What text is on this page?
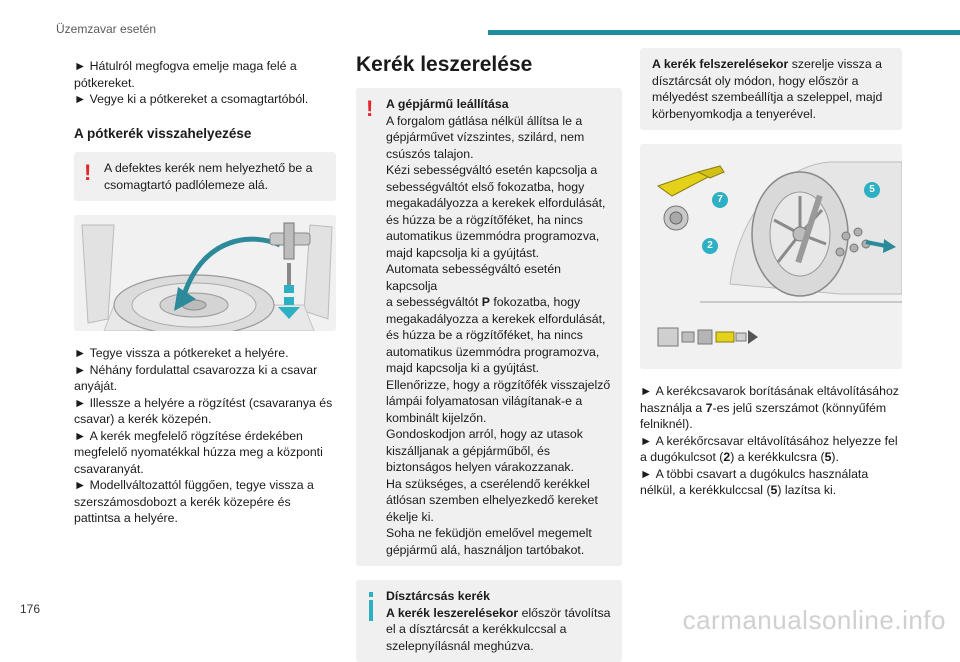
Üzemzavar esetén

► Hátulról megfogva emelje maga felé a pótkereket.

► Vegye ki a pótkereket a csomagtartóból.

A pótkerék visszahelyezése

! A defektes kerék nem helyezhető be a csomagtartó padlólemeze alá.

► Tegye vissza a pótkereket a helyére.

► Néhány fordulattal csavarozza ki a csavar anyáját.

► Illessze a helyére a rögzítést (csavaranya és csavar) a kerék közepén.

► A kerék megfelelő rögzítése érdekében megfelelő nyomatékkal húzza meg a központi csavaranyát.

► Modellváltozattól függően, tegye vissza a szerszámosdobozt a kerék közepére és pattintsa a helyére.

Kerék leszerelése

! A gépjármű leállítása

A forgalom gátlása nélkül állítsa le a gépjárművet vízszintes, szilárd, nem csúszós talajon.

Kézi sebességváltó esetén kapcsolja a sebességváltót első fokozatba, hogy megakadályozza a kerekek elfordulását, és húzza be a rögzítőféket, ha nincs automatikus üzemmódra programozva, majd kapcsolja ki a gyújtást.

Automata sebességváltó esetén kapcsolja

a sebességváltót P fokozatba, hogy megakadályozza a kerekek elfordulását, és húzza be a rögzítőféket, ha nincs automatikus üzemmódra programozva, majd kapcsolja ki a gyújtást.

Ellenőrizze, hogy a rögzítőfék visszajelző lámpái folyamatosan világítanak-e a kombinált kijelzőn.

Gondoskodjon arról, hogy az utasok kiszálljanak a gépjárműből, és biztonságos helyen várakozzanak.

Ha szükséges, a cserélendő kerékkel átlósan szemben elhelyezkedő kereket ékelje ki.

Soha ne feküdjön emelővel megemelt gépjármű alá, használjon tartóbakot.

Dísztárcsás kerék

A kerék leszerelésekor először távolítsa el a dísztárcsát a kerékkulccsal a szelepnyílásnál meghúzva.

A kerék felszerelésekor szerelje vissza a dísztárcsát oly módon, hogy először a mélyedést szembeállítja a szeleppel, majd körbenyomkodja a tenyerével.

7
2
5

► A kerékcsavarok borításának eltávolításához használja a 7-es jelű szerszámot (könnyűfém felniknél).

► A kerékőrcsavar eltávolításához helyezze fel a dugókulcsot (2) a kerékkulcsra (5).

► A többi csavart a dugókulcs használata nélkül, a kerékkulccsal (5) lazítsa ki.

176	carmanualsonline.info
